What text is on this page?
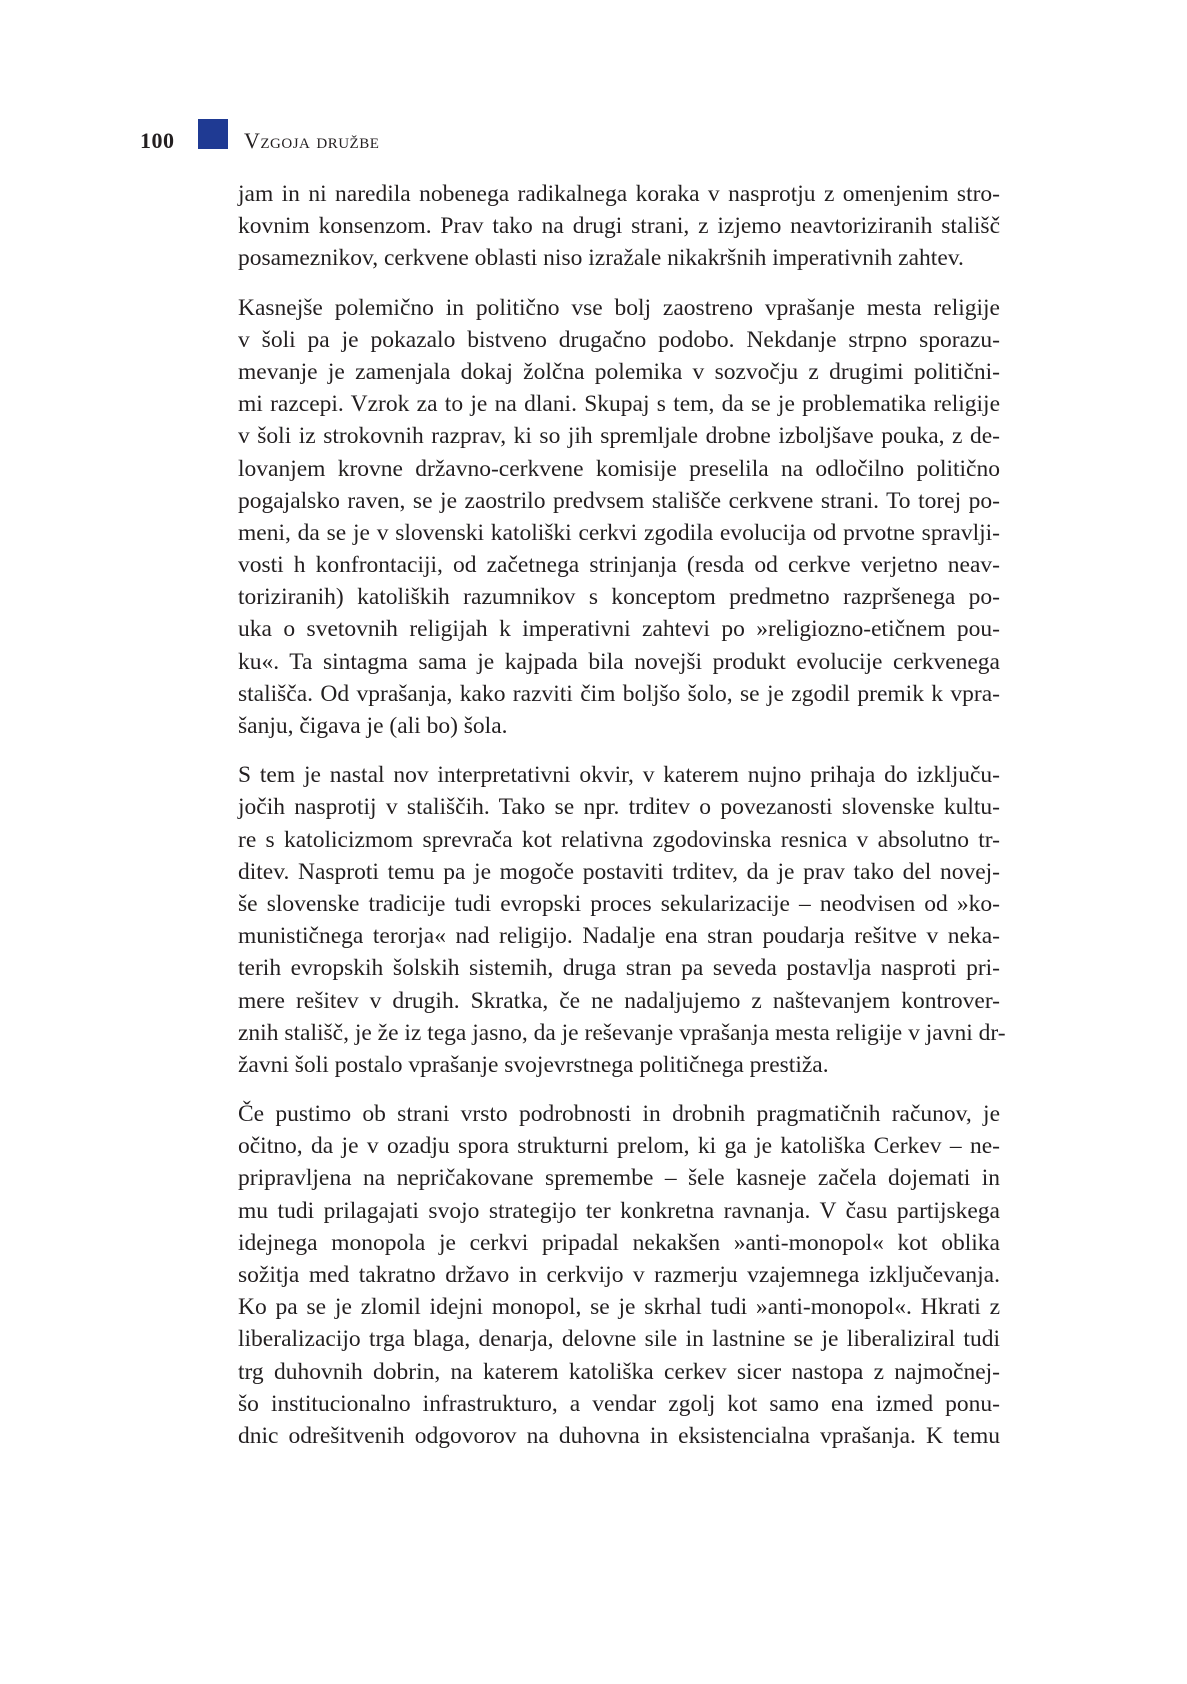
100	Vzgoja družbe
jam in ni naredila nobenega radikalnega koraka v nasprotju z omenjenim stro-
kovnim konsenzom. Prav tako na drugi strani, z izjemo neavtoriziranih stališč
posameznikov, cerkvene oblasti niso izražale nikakršnih imperativnih zahtev.
Kasnejše polemično in politično vse bolj zaostreno vprašanje mesta religije
v šoli pa je pokazalo bistveno drugačno podobo. Nekdanje strpno sporazu-
mevanje je zamenjala dokaj žolčna polemika v sozvočju z drugimi politični-
mi razcepi. Vzrok za to je na dlani. Skupaj s tem, da se je problematika religije
v šoli iz strokovnih razprav, ki so jih spremljale drobne izboljšave pouka, z de-
lovanjem krovne državno-cerkvene komisije preselila na odločilno politično
pogajalsko raven, se je zaostrilo predvsem stališče cerkvene strani. To torej po-
meni, da se je v slovenski katoliški cerkvi zgodila evolucija od prvotne spravlji-
vosti h konfrontaciji, od začetnega strinjanja (resda od cerkve verjetno neav-
toriziranih) katoliških razumnikov s konceptom predmetno razpršenega po-
uka o svetovnih religijah k imperativni zahtevi po »religiozno-etičnem pou-
ku«. Ta sintagma sama je kajpada bila novejši produkt evolucije cerkvenega
stališča. Od vprašanja, kako razviti čim boljšo šolo, se je zgodil premik k vpra-
šanju, čigava je (ali bo) šola.
S tem je nastal nov interpretativni okvir, v katerem nujno prihaja do izključu-
jočih nasprotij v stališčih. Tako se npr. trditev o povezanosti slovenske kultu-
re s katolicizmom sprevrača kot relativna zgodovinska resnica v absolutno tr-
ditev. Nasproti temu pa je mogoče postaviti trditev, da je prav tako del novej-
še slovenske tradicije tudi evropski proces sekularizacije – neodvisen od »ko-
munističnega terorja« nad religijo. Nadalje ena stran poudarja rešitve v neka-
terih evropskih šolskih sistemih, druga stran pa seveda postavlja nasproti pri-
mere rešitev v drugih. Skratka, če ne nadaljujemo z naštevanjem kontrover-
znih stališč, je že iz tega jasno, da je reševanje vprašanja mesta religije v javni dr-
žavni šoli postalo vprašanje svojevrstnega političnega prestiža.
Če pustimo ob strani vrsto podrobnosti in drobnih pragmatičnih računov, je
očitno, da je v ozadju spora strukturni prelom, ki ga je katoliška Cerkev – ne-
pripravljena na nepričakovane spremembe – šele kasneje začela dojemati in
mu tudi prilagajati svojo strategijo ter konkretna ravnanja. V času partijskega
idejnega monopola je cerkvi pripadal nekakšen »anti-monopol« kot oblika
sožitja med takratno državo in cerkvijo v razmerju vzajemnega izključevanja.
Ko pa se je zlomil idejni monopol, se je skrhal tudi »anti-monopol«. Hkrati z
liberalizacijo trga blaga, denarja, delovne sile in lastnine se je liberaliziral tudi
trg duhovnih dobrin, na katerem katoliška cerkev sicer nastopa z najmočnej-
šo institucionalno infrastrukturo, a vendar zgolj kot samo ena izmed ponu-
dnic odrešitvenih odgovorov na duhovna in eksistencialna vprašanja. K temu
